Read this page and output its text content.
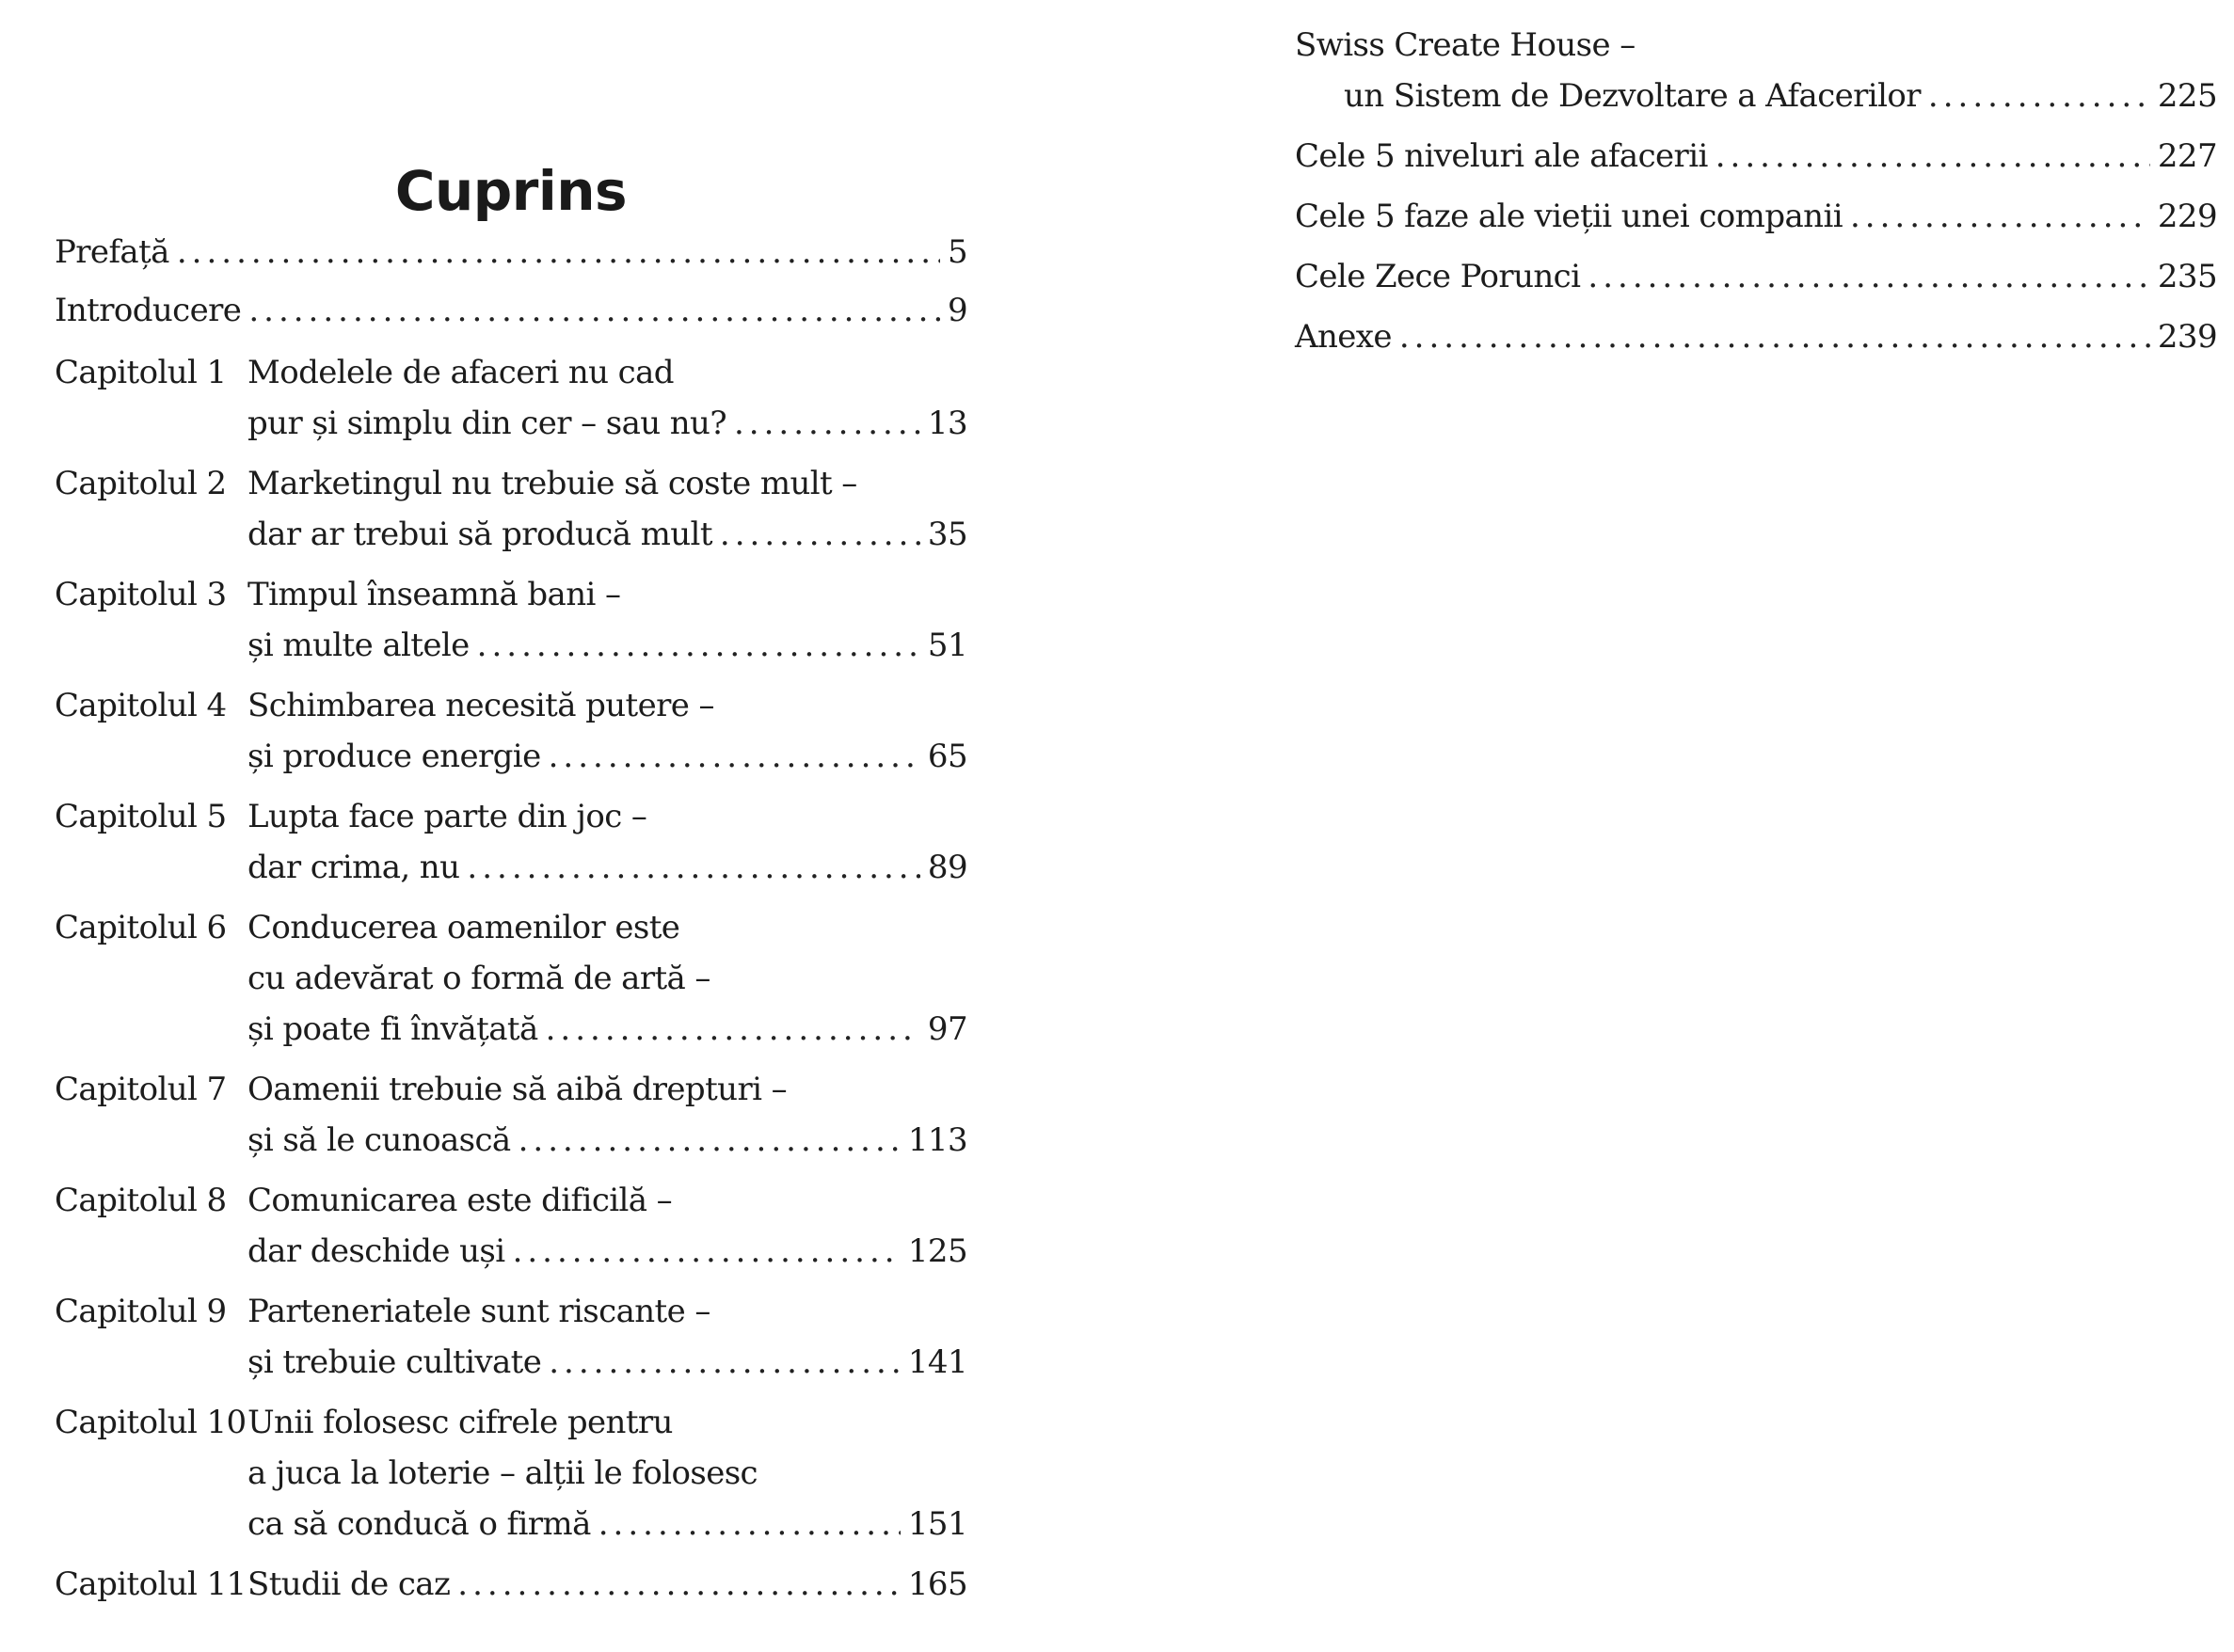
Cuprins
Prefață .....	5
Introducere .....	9
Capitolul 1 Modelele de afaceri nu cad
pur și simplu din cer – sau nu? .....	13
Capitolul 2 Marketingul nu trebuie să coste mult –
dar ar trebui să producă mult .....	35
Capitolul 3 Timpul înseamnă bani –
și multe altele .....	51
Capitolul 4 Schimbarea necesită putere –
și produce energie .....	65
Capitolul 5 Lupta face parte din joc –
dar crima, nu .....	89
Capitolul 6 Conducerea oamenilor este
cu adevărat o formă de artă –
și poate fi învățată .....	97
Capitolul 7 Oamenii trebuie să aibă drepturi –
și să le cunoască .....	113
Capitolul 8 Comunicarea este dificilă –
dar deschide uși .....	125
Capitolul 9 Parteneriatele sunt riscante –
și trebuie cultivate .....	141
Capitolul 10 Unii folosesc cifrele pentru
a juca la loterie – alții le folosesc
ca să conducă o firmă .....	151
Capitolul 11 Studii de caz .....	165
Swiss Create House –
un Sistem de Dezvoltare a Afacerilor .....	225
Cele 5 niveluri ale afacerii .....	227
Cele 5 faze ale vieții unei companii .....	229
Cele Zece Porunci .....	235
Anexe .....	239
